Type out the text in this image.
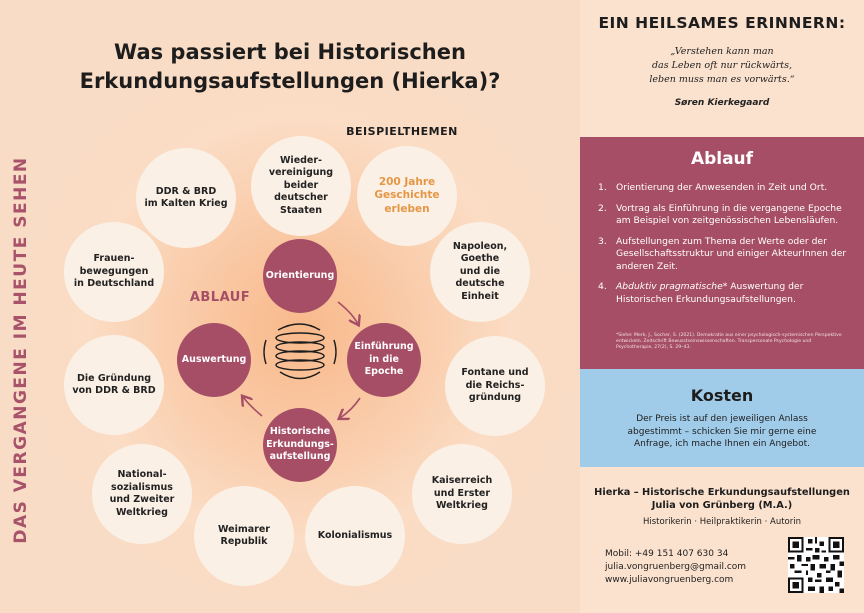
Was passiert bei Historischen Erkundungsaufstellungen (Hierka)?
DAS VERGANGENE IM HEUTE SEHEN
BEISPIELTHEMEN
Wieder-
vereinigung
beider
deutscher
Staaten
200 Jahre
Geschichte
erleben
Napoleon,
Goethe
und die
deutsche
Einheit
Fontane und
die Reichs-
gründung
Kaiserreich
und Erster
Weltkrieg
Kolonialismus
Weimarer
Republik
National-
sozialismus
und Zweiter
Weltkrieg
Die Gründung
von DDR & BRD
Frauen-
bewegungen
in Deutschland
DDR & BRD
im Kalten Krieg
ABLAUF
Orientierung
Einführung
in die
Epoche
Historische
Erkundungs-
aufstellung
Auswertung
EIN HEILSAMES ERINNERN:
„Verstehen kann man
das Leben oft nur rückwärts,
leben muss man es vorwärts.“
Søren Kierkegaard
Ablauf
1.	Orientierung der Anwesenden in Zeit und Ort.
2.	Vortrag als Einführung in die vergangene Epoche am Beispiel von zeitgenössischen Lebensläufen.
3.	Aufstellungen zum Thema der Werte oder der Gesellschaftsstruktur und einiger AkteurInnen der anderen Zeit.
4.	Abduktiv pragmatische* Auswertung der Historischen Erkundungsaufstellungen.
*Siehe: Merk, J., Socher, S. (2021). Demokratie aus einer psychologisch-systemischen Perspektive entwickeln. Zeitschrift Bewusstseinswissenschaften. Transpersonale Psychologie und Psychotherapie, 27(2), S. 29–43.
Kosten
Der Preis ist auf den jeweiligen Anlass abgestimmt – schicken Sie mir gerne eine Anfrage, ich mache Ihnen ein Angebot.
Hierka – Historische Erkundungsaufstellungen
Julia von Grünberg (M.A.)
Historikerin · Heilpraktikerin · Autorin
Mobil: +49 151 407 630 34
julia.vongruenberg@gmail.com
www.juliavongruenberg.com
